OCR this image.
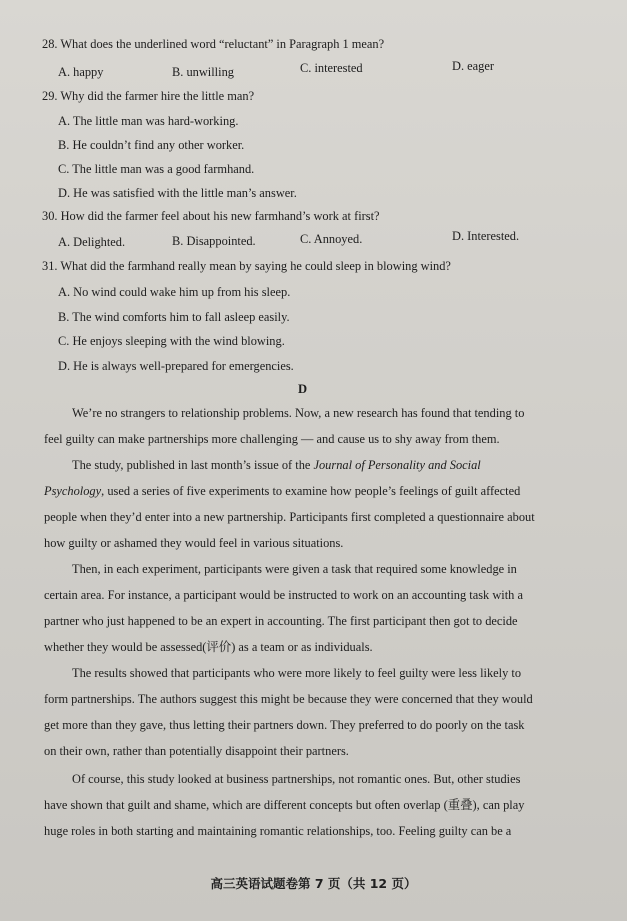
28. What does the underlined word “reluctant” in Paragraph 1 mean?
A. happy	B. unwilling	C. interested	D. eager
29. Why did the farmer hire the little man?
A. The little man was hard-working.
B. He couldn’t find any other worker.
C. The little man was a good farmhand.
D. He was satisfied with the little man’s answer.
30. How did the farmer feel about his new farmhand’s work at first?
A. Delighted.	B. Disappointed.	C. Annoyed.	D. Interested.
31. What did the farmhand really mean by saying he could sleep in blowing wind?
A. No wind could wake him up from his sleep.
B. The wind comforts him to fall asleep easily.
C. He enjoys sleeping with the wind blowing.
D. He is always well-prepared for emergencies.
D
We’re no strangers to relationship problems. Now, a new research has found that tending to
feel guilty can make partnerships more challenging — and cause us to shy away from them.
The study, published in last month’s issue of the Journal of Personality and Social
Psychology, used a series of five experiments to examine how people’s feelings of guilt affected
people when they’d enter into a new partnership. Participants first completed a questionnaire about
how guilty or ashamed they would feel in various situations.
Then, in each experiment, participants were given a task that required some knowledge in
certain area. For instance, a participant would be instructed to work on an accounting task with a
partner who just happened to be an expert in accounting. The first participant then got to decide
whether they would be assessed(评价) as a team or as individuals.
The results showed that participants who were more likely to feel guilty were less likely to
form partnerships. The authors suggest this might be because they were concerned that they would
get more than they gave, thus letting their partners down. They preferred to do poorly on the task
on their own, rather than potentially disappoint their partners.
Of course, this study looked at business partnerships, not romantic ones. But, other studies
have shown that guilt and shame, which are different concepts but often overlap (重叠), can play
huge roles in both starting and maintaining romantic relationships, too. Feeling guilty can be a
高三英语试题卷第 7 页（共 12 页）
